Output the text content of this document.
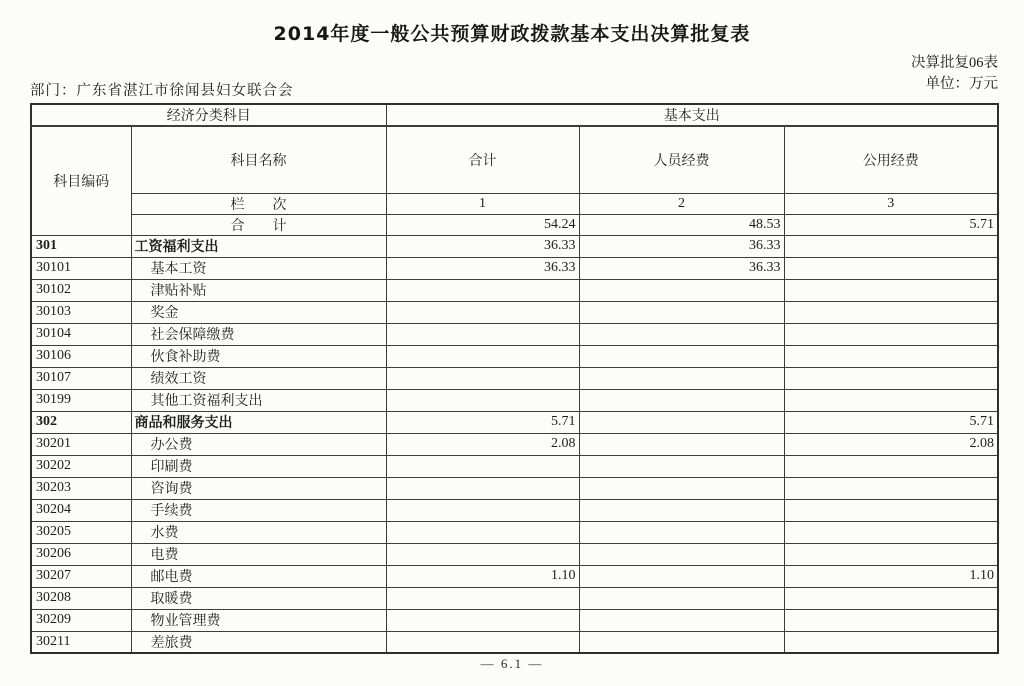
2014年度一般公共预算财政拨款基本支出决算批复表
决算批复06表
单位：万元
部门：广东省湛江市徐闻县妇女联合会
经济分类科目		基本支出		
科目编码	科目名称	合计	人员经费	公用经费
	栏　　次	1	2	3
	合　　计	54.24	48.53	5.71
301	工资福利支出	36.33	36.33	
30101	基本工资	36.33	36.33	
30102	津贴补贴			
30103	奖金			
30104	社会保障缴费			
30106	伙食补助费			
30107	绩效工资			
30199	其他工资福利支出			
302	商品和服务支出	5.71		5.71
30201	办公费	2.08		2.08
30202	印刷费			
30203	咨询费			
30204	手续费			
30205	水费			
30206	电费			
30207	邮电费	1.10		1.10
30208	取暖费			
30209	物业管理费			
30211	差旅费			
— 6.1 —
